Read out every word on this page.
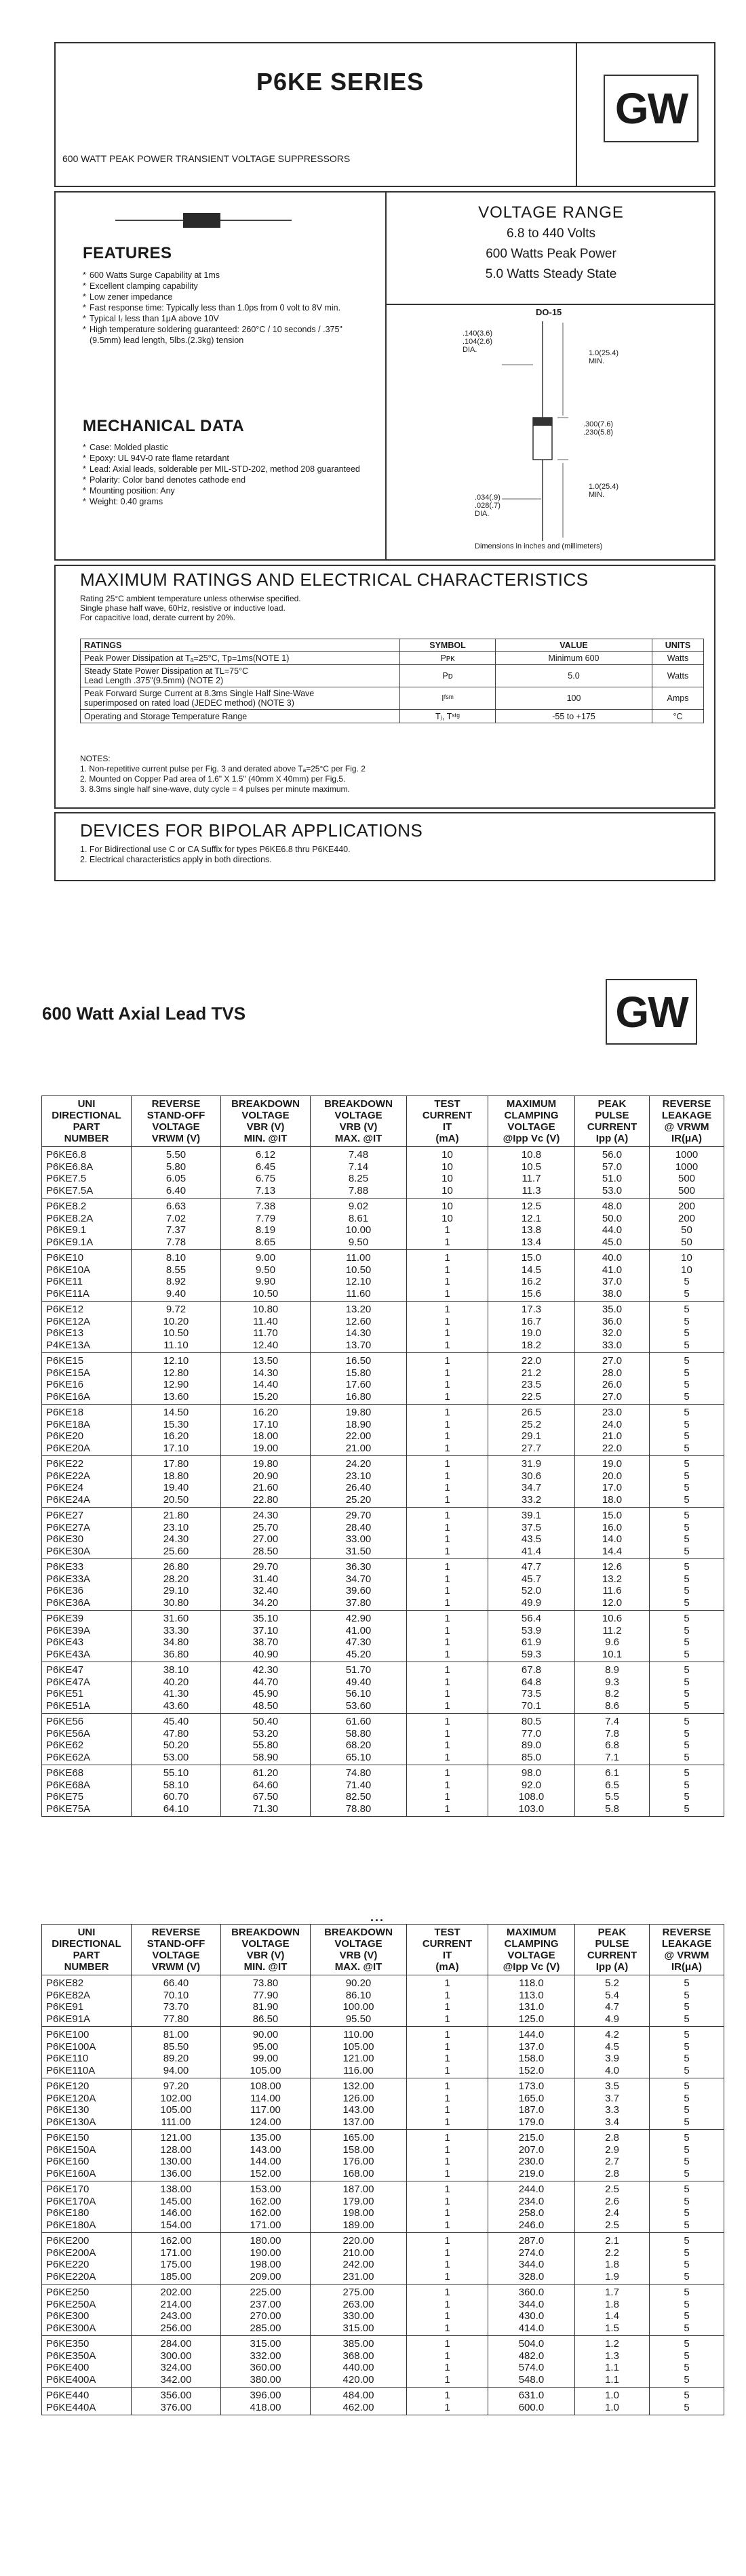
P6KE SERIES
600 WATT PEAK POWER TRANSIENT VOLTAGE SUPPRESSORS
GW
VOLTAGE RANGE
6.8 to 440 Volts
600 Watts Peak Power
5.0 Watts Steady State
FEATURES
* 600 Watts Surge Capability at 1ms
* Excellent clamping capability
* Low zener impedance
* Fast response time: Typically less than 1.0ps from 0 volt to 8V min.
* Typical Iᵣ less than 1μA above 10V
* High temperature soldering guaranteed: 260°C / 10 seconds / .375"(9.5mm) lead length, 5lbs.(2.3kg) tension
MECHANICAL DATA
* Case: Molded plastic
* Epoxy: UL 94V-0 rate flame retardant
* Lead: Axial leads, solderable per MIL-STD-202, method 208 guaranteed
* Polarity: Color band denotes cathode end
* Mounting position: Any
* Weight: 0.40 grams
DO-15
.140(3.6)
.104(2.6)
DIA.	1.0(25.4)
MIN.
.300(7.6)
.230(5.8)
1.0(25.4)
MIN.
.034(.9)
.028(.7)
DIA.
Dimensions in inches and (millimeters)
MAXIMUM RATINGS AND ELECTRICAL CHARACTERISTICS
Rating 25°C ambient temperature unless otherwise specified.
Single phase half wave, 60Hz, resistive or inductive load.
For capacitive load, derate current by 20%.
RATINGS	SYMBOL	VALUE	UNITS
Peak Power Dissipation at Tₐ=25°C, Tp=1ms(NOTE 1)	Pᴘᴋ	Minimum 600	Watts
Steady State Power Dissipation at TL=75°C
Lead Length .375"(9.5mm) (NOTE 2)	Pᴅ	5.0	Watts
Peak Forward Surge Current at 8.3ms Single Half Sine-Wave
superimposed on rated load (JEDEC method) (NOTE 3)	Iᶠˢᵐ	100	Amps
Operating and Storage Temperature Range	Tⱼ, Tˢᵗᵍ	-55 to +175	°C
NOTES:
1. Non-repetitive current pulse per Fig. 3 and derated above Tₐ=25°C per Fig. 2
2. Mounted on Copper Pad area of 1.6" X 1.5" (40mm X 40mm) per Fig.5.
3. 8.3ms single half sine-wave, duty cycle = 4 pulses per minute maximum.
DEVICES FOR BIPOLAR APPLICATIONS
1. For Bidirectional use C or CA Suffix for types P6KE6.8 thru P6KE440.
2. Electrical characteristics apply in both directions.
600 Watt Axial Lead TVS	GW
UNI
DIRECTIONAL
PART
NUMBER	REVERSE
STAND-OFF
VOLTAGE
VRWM (V)	BREAKDOWN
VOLTAGE
VBR (V)
MIN. @IT	BREAKDOWN
VOLTAGE
VRB (V)
MAX. @IT	TEST
CURRENT
IT
(mA)	MAXIMUM
CLAMPING
VOLTAGE
@Ipp Vc (V)	PEAK
PULSE
CURRENT
Ipp (A)	REVERSE
LEAKAGE
@ VRWM
IR(μA)
P6KE6.8	5.50	6.12	7.48	10	10.8	56.0	1000
P6KE6.8A	5.80	6.45	7.14	10	10.5	57.0	1000
P6KE7.5	6.05	6.75	8.25	10	11.7	51.0	500
P6KE7.5A	6.40	7.13	7.88	10	11.3	53.0	500
P6KE8.2	6.63	7.38	9.02	10	12.5	48.0	200
P6KE8.2A	7.02	7.79	8.61	10	12.1	50.0	200
P6KE9.1	7.37	8.19	10.00	1	13.8	44.0	50
P6KE9.1A	7.78	8.65	9.50	1	13.4	45.0	50
P6KE10	8.10	9.00	11.00	1	15.0	40.0	10
P6KE10A	8.55	9.50	10.50	1	14.5	41.0	10
P6KE11	8.92	9.90	12.10	1	16.2	37.0	5
P6KE11A	9.40	10.50	11.60	1	15.6	38.0	5
P6KE12	9.72	10.80	13.20	1	17.3	35.0	5
P6KE12A	10.20	11.40	12.60	1	16.7	36.0	5
P6KE13	10.50	11.70	14.30	1	19.0	32.0	5
P4KE13A	11.10	12.40	13.70	1	18.2	33.0	5
P6KE15	12.10	13.50	16.50	1	22.0	27.0	5
P6KE15A	12.80	14.30	15.80	1	21.2	28.0	5
P6KE16	12.90	14.40	17.60	1	23.5	26.0	5
P6KE16A	13.60	15.20	16.80	1	22.5	27.0	5
P6KE18	14.50	16.20	19.80	1	26.5	23.0	5
P6KE18A	15.30	17.10	18.90	1	25.2	24.0	5
P6KE20	16.20	18.00	22.00	1	29.1	21.0	5
P6KE20A	17.10	19.00	21.00	1	27.7	22.0	5
P6KE22	17.80	19.80	24.20	1	31.9	19.0	5
P6KE22A	18.80	20.90	23.10	1	30.6	20.0	5
P6KE24	19.40	21.60	26.40	1	34.7	17.0	5
P6KE24A	20.50	22.80	25.20	1	33.2	18.0	5
P6KE27	21.80	24.30	29.70	1	39.1	15.0	5
P6KE27A	23.10	25.70	28.40	1	37.5	16.0	5
P6KE30	24.30	27.00	33.00	1	43.5	14.0	5
P6KE30A	25.60	28.50	31.50	1	41.4	14.4	5
P6KE33	26.80	29.70	36.30	1	47.7	12.6	5
P6KE33A	28.20	31.40	34.70	1	45.7	13.2	5
P6KE36	29.10	32.40	39.60	1	52.0	11.6	5
P6KE36A	30.80	34.20	37.80	1	49.9	12.0	5
P6KE39	31.60	35.10	42.90	1	56.4	10.6	5
P6KE39A	33.30	37.10	41.00	1	53.9	11.2	5
P6KE43	34.80	38.70	47.30	1	61.9	9.6	5
P6KE43A	36.80	40.90	45.20	1	59.3	10.1	5
P6KE47	38.10	42.30	51.70	1	67.8	8.9	5
P6KE47A	40.20	44.70	49.40	1	64.8	9.3	5
P6KE51	41.30	45.90	56.10	1	73.5	8.2	5
P6KE51A	43.60	48.50	53.60	1	70.1	8.6	5
P6KE56	45.40	50.40	61.60	1	80.5	7.4	5
P6KE56A	47.80	53.20	58.80	1	77.0	7.8	5
P6KE62	50.20	55.80	68.20	1	89.0	6.8	5
P6KE62A	53.00	58.90	65.10	1	85.0	7.1	5
P6KE68	55.10	61.20	74.80	1	98.0	6.1	5
P6KE68A	58.10	64.60	71.40	1	92.0	6.5	5
P6KE75	60.70	67.50	82.50	1	108.0	5.5	5
P6KE75A	64.10	71.30	78.80	1	103.0	5.8	5
...
UNI
DIRECTIONAL
PART
NUMBER	REVERSE
STAND-OFF
VOLTAGE
VRWM (V)	BREAKDOWN
VOLTAGE
VBR (V)
MIN. @IT	BREAKDOWN
VOLTAGE
VRB (V)
MAX. @IT	TEST
CURRENT
IT
(mA)	MAXIMUM
CLAMPING
VOLTAGE
@Ipp Vc (V)	PEAK
PULSE
CURRENT
Ipp (A)	REVERSE
LEAKAGE
@ VRWM
IR(μA)
P6KE82	66.40	73.80	90.20	1	118.0	5.2	5
P6KE82A	70.10	77.90	86.10	1	113.0	5.4	5
P6KE91	73.70	81.90	100.00	1	131.0	4.7	5
P6KE91A	77.80	86.50	95.50	1	125.0	4.9	5
P6KE100	81.00	90.00	110.00	1	144.0	4.2	5
P6KE100A	85.50	95.00	105.00	1	137.0	4.5	5
P6KE110	89.20	99.00	121.00	1	158.0	3.9	5
P6KE110A	94.00	105.00	116.00	1	152.0	4.0	5
P6KE120	97.20	108.00	132.00	1	173.0	3.5	5
P6KE120A	102.00	114.00	126.00	1	165.0	3.7	5
P6KE130	105.00	117.00	143.00	1	187.0	3.3	5
P6KE130A	111.00	124.00	137.00	1	179.0	3.4	5
P6KE150	121.00	135.00	165.00	1	215.0	2.8	5
P6KE150A	128.00	143.00	158.00	1	207.0	2.9	5
P6KE160	130.00	144.00	176.00	1	230.0	2.7	5
P6KE160A	136.00	152.00	168.00	1	219.0	2.8	5
P6KE170	138.00	153.00	187.00	1	244.0	2.5	5
P6KE170A	145.00	162.00	179.00	1	234.0	2.6	5
P6KE180	146.00	162.00	198.00	1	258.0	2.4	5
P6KE180A	154.00	171.00	189.00	1	246.0	2.5	5
P6KE200	162.00	180.00	220.00	1	287.0	2.1	5
P6KE200A	171.00	190.00	210.00	1	274.0	2.2	5
P6KE220	175.00	198.00	242.00	1	344.0	1.8	5
P6KE220A	185.00	209.00	231.00	1	328.0	1.9	5
P6KE250	202.00	225.00	275.00	1	360.0	1.7	5
P6KE250A	214.00	237.00	263.00	1	344.0	1.8	5
P6KE300	243.00	270.00	330.00	1	430.0	1.4	5
P6KE300A	256.00	285.00	315.00	1	414.0	1.5	5
P6KE350	284.00	315.00	385.00	1	504.0	1.2	5
P6KE350A	300.00	332.00	368.00	1	482.0	1.3	5
P6KE400	324.00	360.00	440.00	1	574.0	1.1	5
P6KE400A	342.00	380.00	420.00	1	548.0	1.1	5
P6KE440	356.00	396.00	484.00	1	631.0	1.0	5
P6KE440A	376.00	418.00	462.00	1	600.0	1.0	5
